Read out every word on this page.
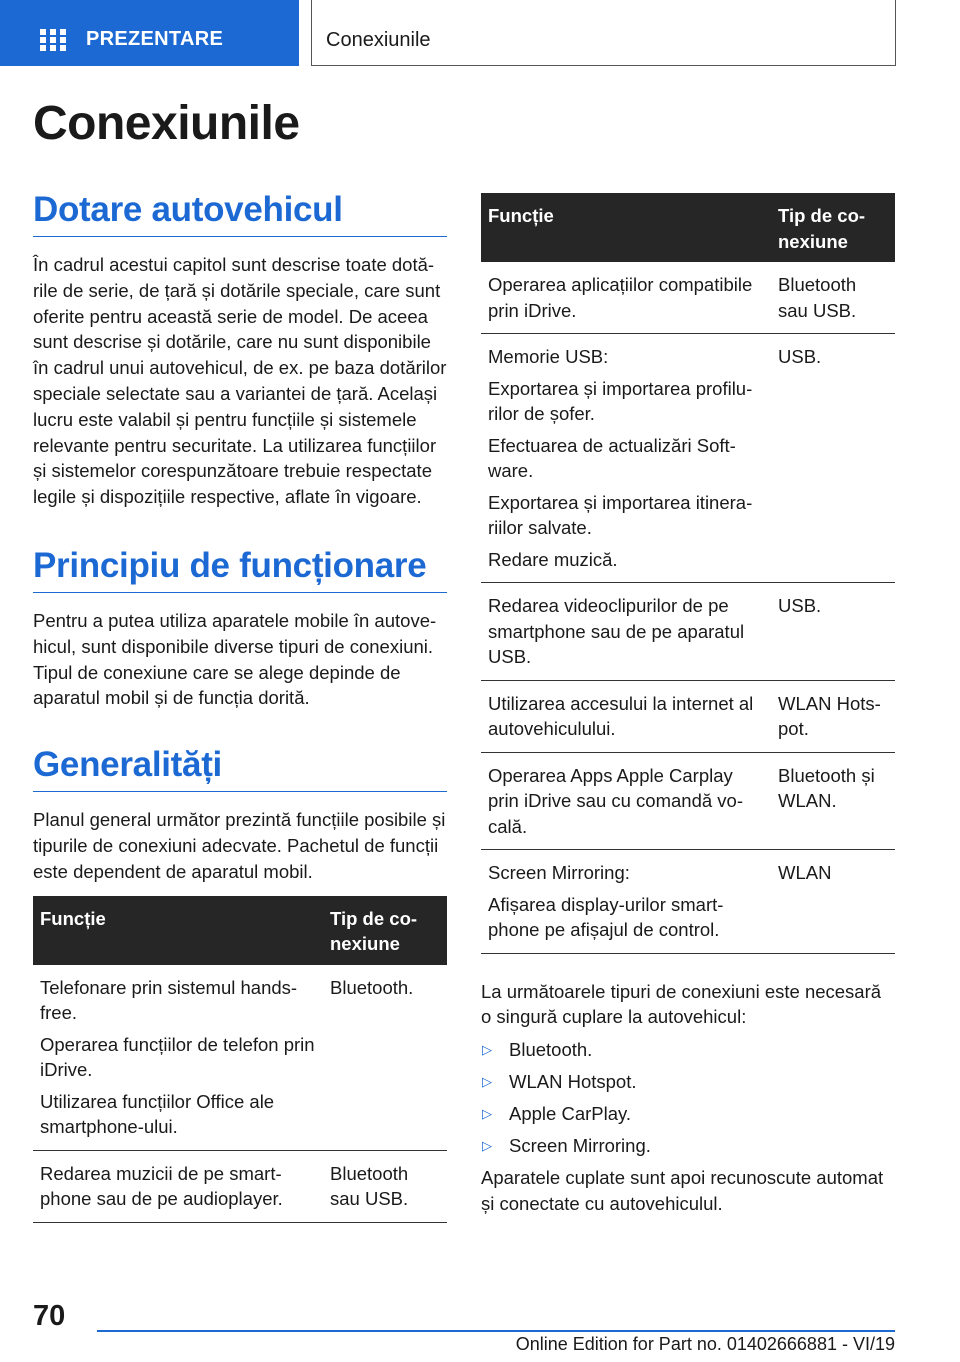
PREZENTARE	Conexiunile
Conexiunile
Dotare autovehicul

În cadrul acestui capitol sunt descrise toate dotările de serie, de țară și dotările speciale, care sunt oferite pentru această serie de model. De aceea sunt descrise și dotările, care nu sunt disponibile în cadrul unui autovehicul, de ex. pe baza dotărilor speciale selectate sau a variantei de țară. Același lucru este valabil și pentru funcțiile și sistemele relevante pentru securitate. La utilizarea funcțiilor și sistemelor corespunzătoare trebuie respectate legile și dispozițiile respective, aflate în vigoare.

Principiu de funcționare

Pentru a putea utiliza aparatele mobile în autovehicul, sunt disponibile diverse tipuri de conexiuni. Tipul de conexiune care se alege depinde de aparatul mobil și de funcția dorită.

Generalități

Planul general următor prezintă funcțiile posibile și tipurile de conexiuni adecvate. Pachetul de funcții este dependent de aparatul mobil.

Funcție	Tip de conexiune

Telefonare prin sistemul handsfree.

Operarea funcțiilor de telefon prin iDrive.

Utilizarea funcțiilor Office ale smartphone-ului.	Bluetooth.

Redarea muzicii de pe smartphone sau de pe audioplayer.	Bluetooth sau USB.
Funcție	Tip de conexiune

Operarea aplicațiilor compatibile prin iDrive.	Bluetooth sau USB.

Memorie USB:

Exportarea și importarea profilurilor de șofer.

Efectuarea de actualizări Software.

Exportarea și importarea itinerariilor salvate.

Redare muzică.	USB.

Redarea videoclipurilor de pe smartphone sau de pe aparatul USB.	USB.

Utilizarea accesului la internet al autovehiculului.	WLAN Hotspot.

Operarea Apps Apple Carplay prin iDrive sau cu comandă vocală.	Bluetooth și WLAN.

Screen Mirroring:

Afișarea display-urilor smartphone pe afișajul de control.	WLAN

La următoarele tipuri de conexiuni este necesară o singură cuplare la autovehicul:

▷ Bluetooth.
▷ WLAN Hotspot.
▷ Apple CarPlay.
▷ Screen Mirroring.

Aparatele cuplate sunt apoi recunoscute automat și conectate cu autovehiculul.

70
Online Edition for Part no. 01402666881 - VI/19
